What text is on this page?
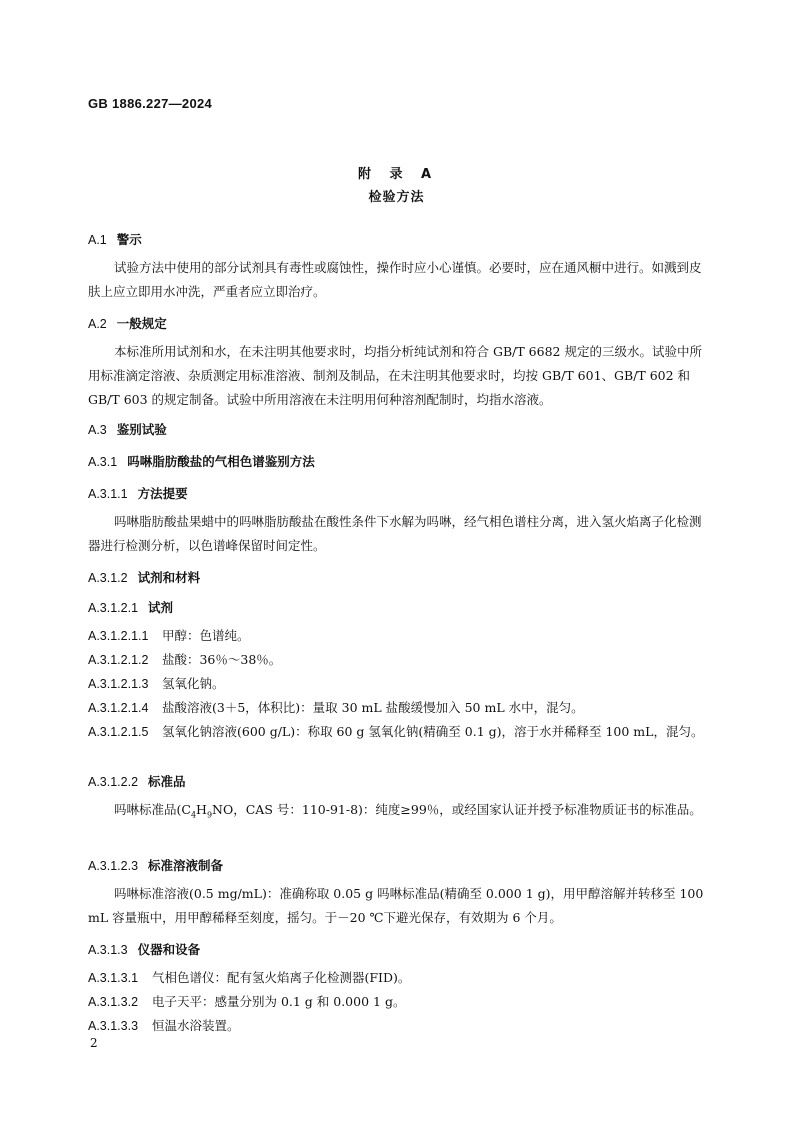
GB 1886.227—2024
附 录 A
检验方法
A.1 警示
试验方法中使用的部分试剂具有毒性或腐蚀性，操作时应小心谨慎。必要时，应在通风橱中进行。如溅到皮肤上应立即用水冲洗，严重者应立即治疗。
A.2 一般规定
本标准所用试剂和水，在未注明其他要求时，均指分析纯试剂和符合 GB/T 6682 规定的三级水。试验中所用标准滴定溶液、杂质测定用标准溶液、制剂及制品，在未注明其他要求时，均按 GB/T 601、GB/T 602 和 GB/T 603 的规定制备。试验中所用溶液在未注明用何种溶剂配制时，均指水溶液。
A.3 鉴别试验
A.3.1 吗啉脂肪酸盐的气相色谱鉴别方法
A.3.1.1 方法提要
吗啉脂肪酸盐果蜡中的吗啉脂肪酸盐在酸性条件下水解为吗啉，经气相色谱柱分离，进入氢火焰离子化检测器进行检测分析，以色谱峰保留时间定性。
A.3.1.2 试剂和材料
A.3.1.2.1 试剂
A.3.1.2.1.1 甲醇：色谱纯。
A.3.1.2.1.2 盐酸：36％～38％。
A.3.1.2.1.3 氢氧化钠。
A.3.1.2.1.4 盐酸溶液(3＋5，体积比)：量取 30 mL 盐酸缓慢加入 50 mL 水中，混匀。
A.3.1.2.1.5 氢氧化钠溶液(600 g/L)：称取 60 g 氢氧化钠(精确至 0.1 g)，溶于水并稀释至 100 mL，混匀。
A.3.1.2.2 标准品
吗啉标准品($C_4H_9NO$，CAS 号：110-91-8)：纯度≥99％，或经国家认证并授予标准物质证书的标准品。
A.3.1.2.3 标准溶液制备
吗啉标准溶液(0.5 mg/mL)：准确称取 0.05 g 吗啉标准品(精确至 0.000 1 g)，用甲醇溶解并转移至 100 mL 容量瓶中，用甲醇稀释至刻度，摇匀。于－20 ℃下避光保存，有效期为 6 个月。
A.3.1.3 仪器和设备
A.3.1.3.1 气相色谱仪：配有氢火焰离子化检测器(FID)。
A.3.1.3.2 电子天平：感量分别为 0.1 g 和 0.000 1 g。
A.3.1.3.3 恒温水浴装置。
2
